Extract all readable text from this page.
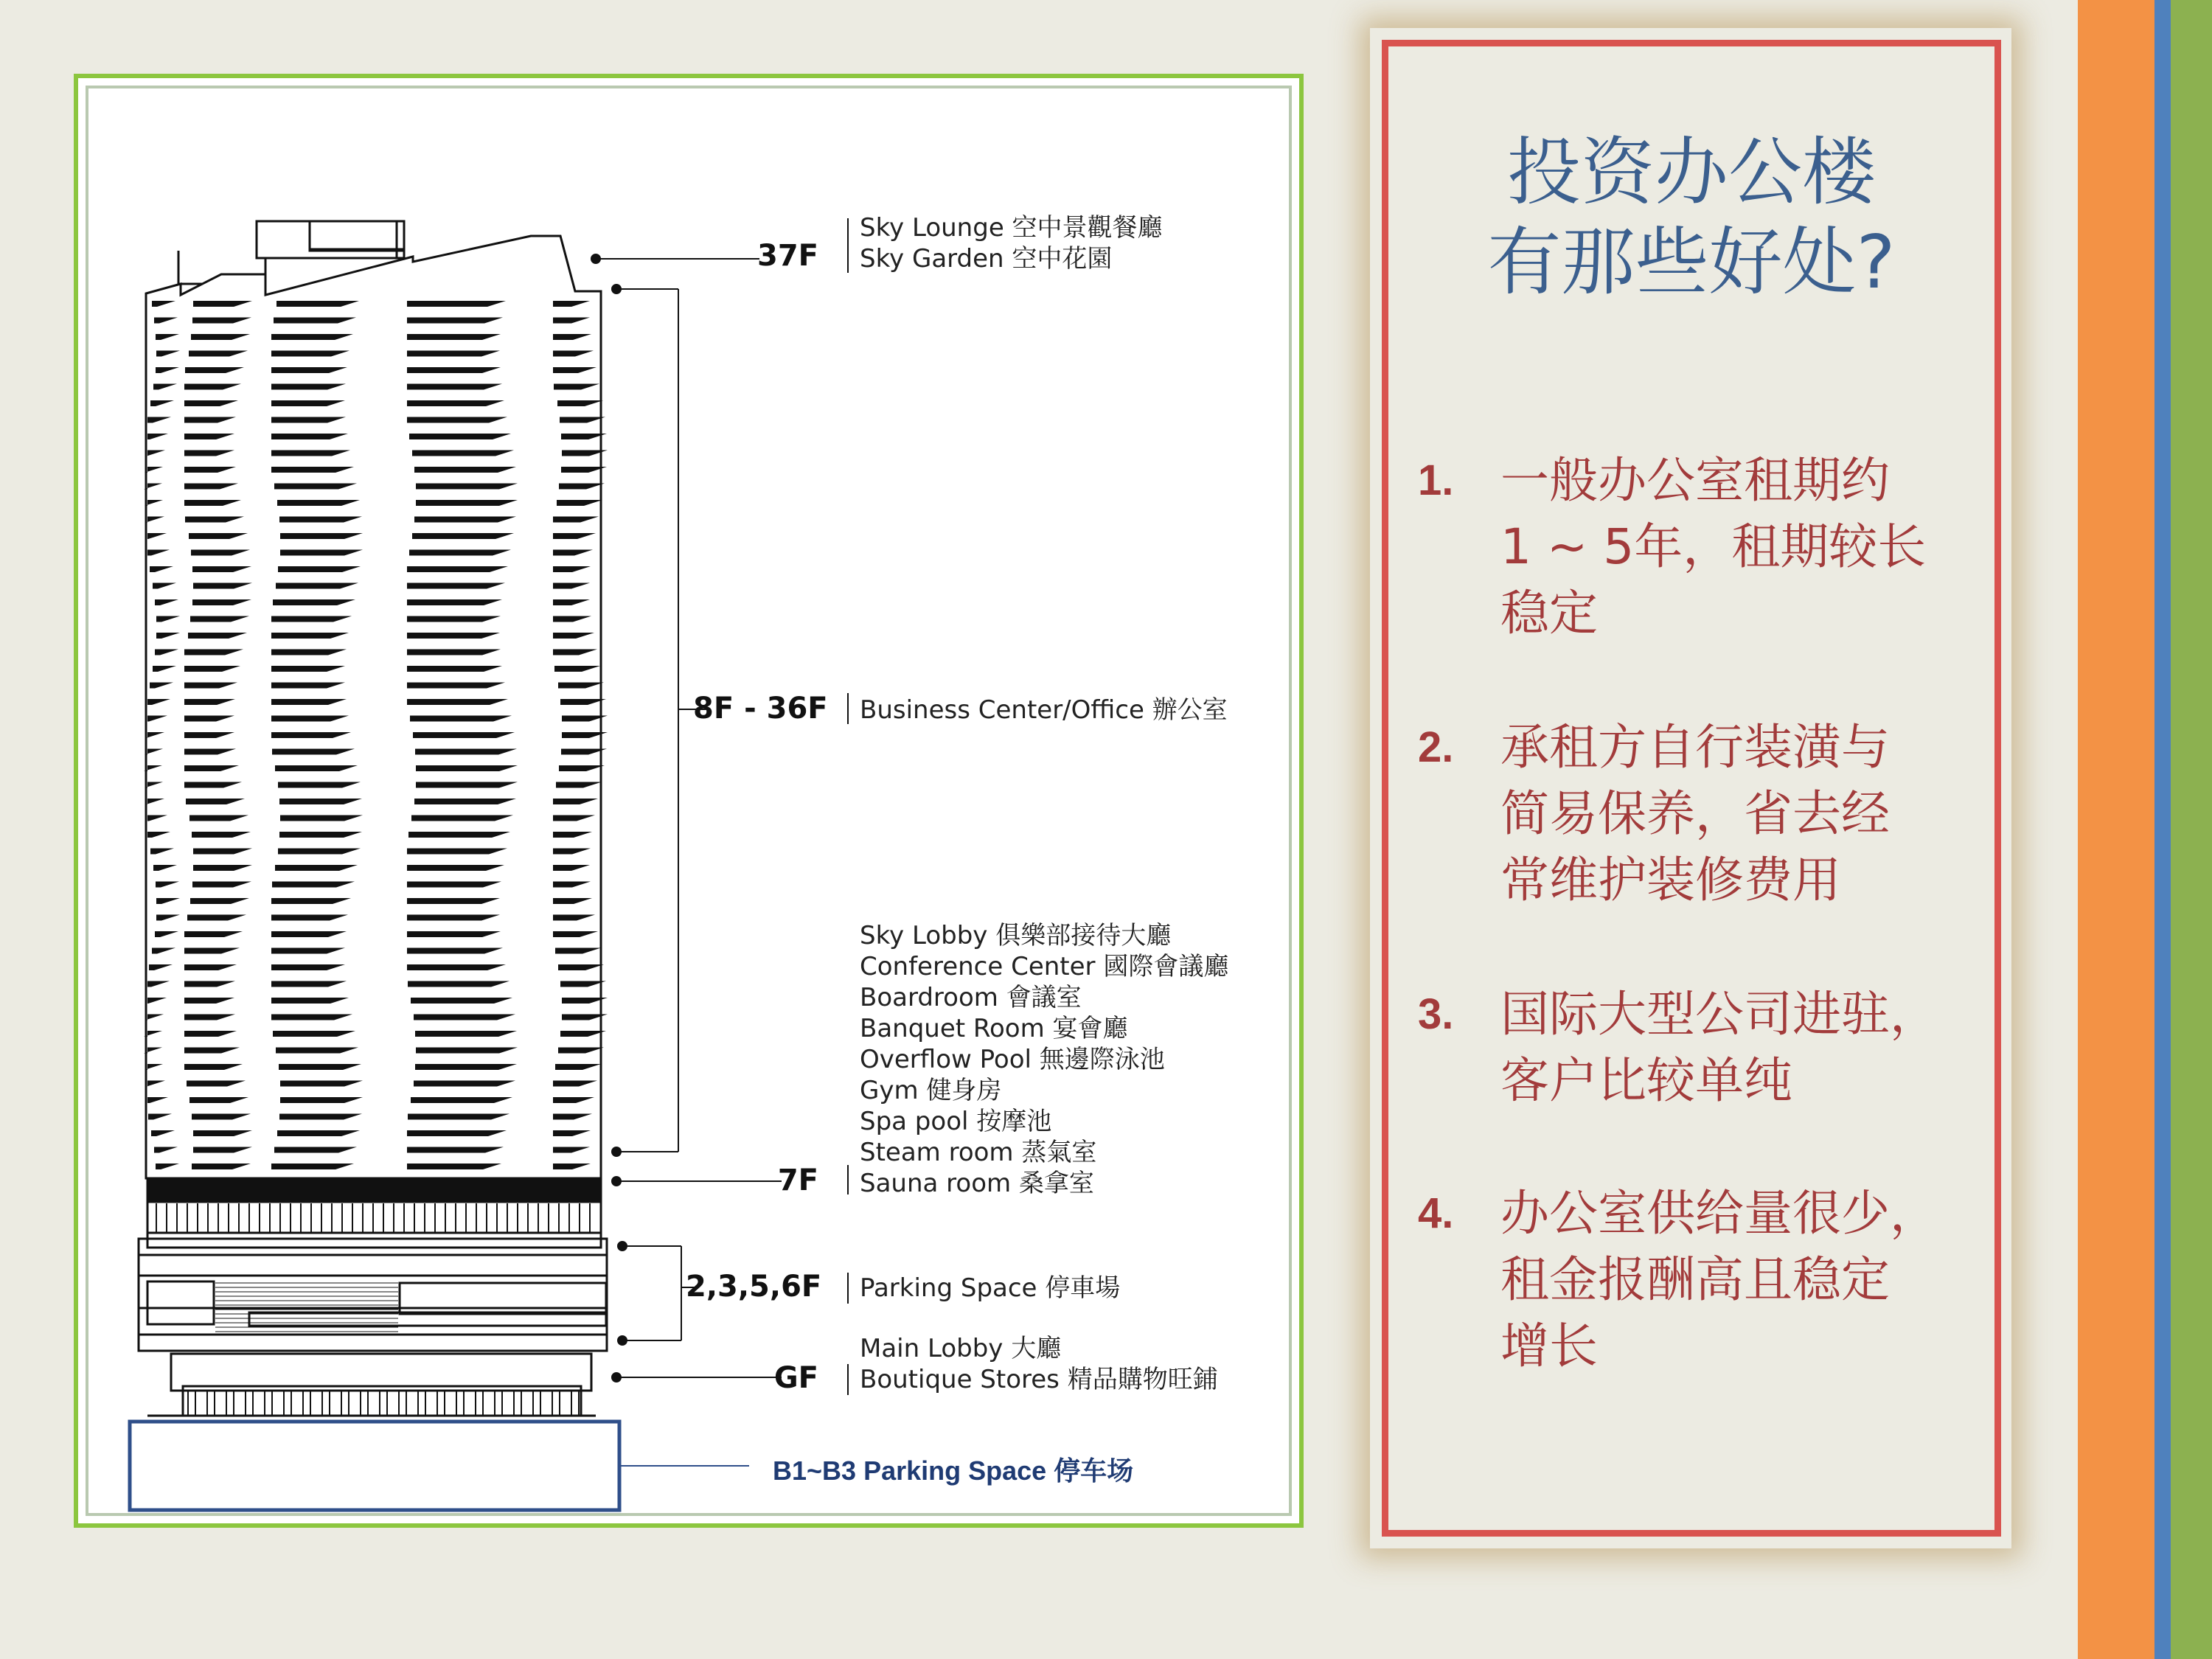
37F
8F - 36F
7F
2,3,5,6F
GF
Sky Lounge 空中景觀餐廳
Sky Garden 空中花園
Business Center/Office 辦公室
Sky Lobby 俱樂部接待大廳
Conference Center 國際會議廳
Boardroom 會議室
Banquet Room 宴會廳
Overflow Pool 無邊際泳池
Gym 健身房
Spa pool 按摩池
Steam room 蒸氣室
Sauna room 桑拿室
Parking Space 停車場
Main Lobby 大廳
Boutique Stores 精品購物旺鋪
B1~B3 Parking Space 停车场
投资办公楼
有那些好处?
1. 一般办公室租期约
1 ~ 5年，租期较长
稳定
2. 承租方自行装潢与
简易保养，省去经
常维护装修费用
3. 国际大型公司进驻，
客户比较单纯
4. 办公室供给量很少，
租金报酬高且稳定
增长
